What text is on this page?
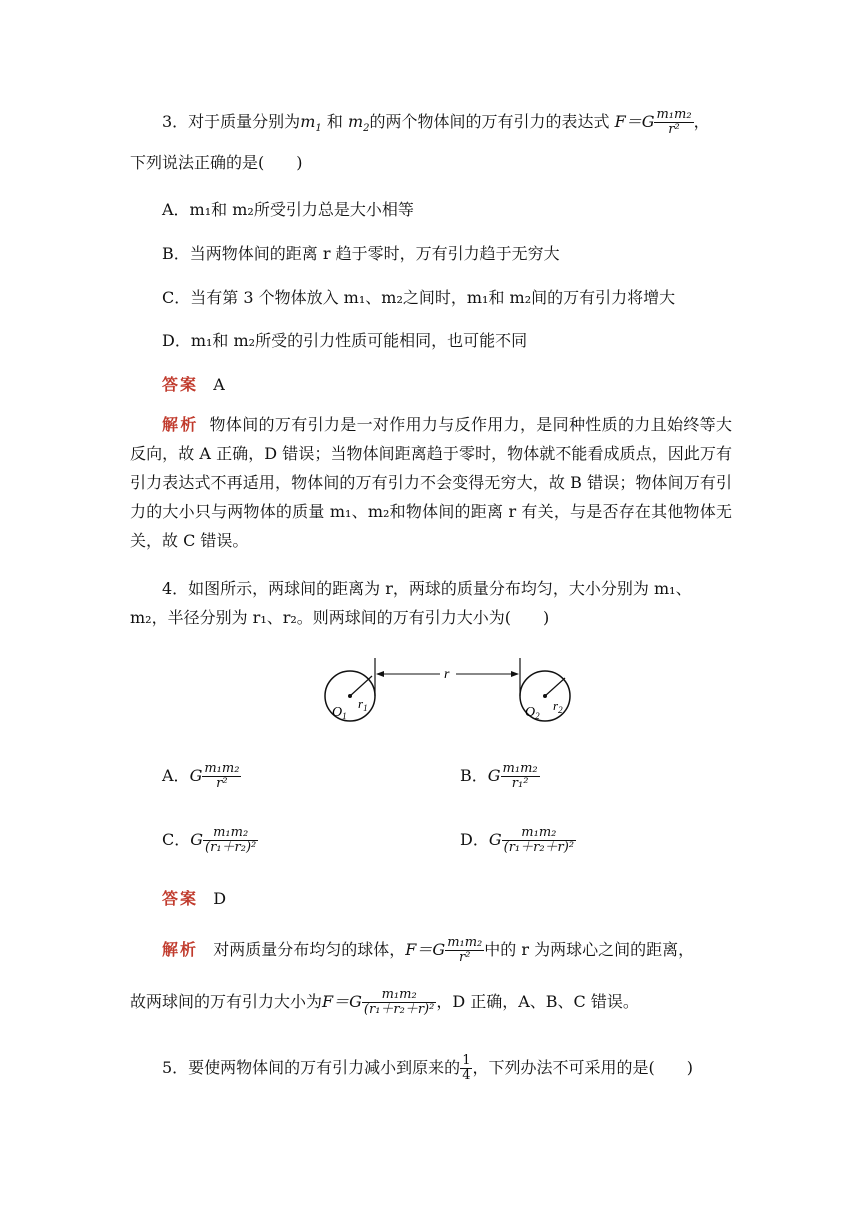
3．对于质量分别为$m_1$ 和 $m_2$的两个物体间的万有引力的表达式 $F=G \frac{\text{m₁m₂}}{\text{r²}}$ ，
下列说法正确的是(　　)
A．m₁和 m₂所受引力总是大小相等
B．当两物体间的距离 r 趋于零时，万有引力趋于无穷大
C．当有第 3 个物体放入 m₁、m₂之间时，m₁和 m₂间的万有引力将增大
D．m₁和 m₂所受的引力性质可能相同，也可能不同
答案 A
解析 物体间的万有引力是一对作用力与反作用力，是同种性质的力且始终等大反向，故 A 正确，D 错误；当物体间距离趋于零时，物体就不能看成质点，因此万有引力表达式不再适用，物体间的万有引力不会变得无穷大，故 B 错误；物体间万有引力的大小只与两物体的质量 m₁、m₂和物体间的距离 r 有关，与是否存在其他物体无关，故 C 错误。
4．如图所示，两球间的距离为 r，两球的质量分布均匀，大小分别为 m₁、
m₂，半径分别为 r₁、r₂。则两球间的万有引力大小为(　　)
$O_1$
$r_1$	$O_2$
$r_2$
r
A．G $\frac{\text{m₁m₂}}{\text{r²}}$	B．G $\frac{\text{m₁m₂}}{\text{r₁²}}$
C．G $\frac{\text{m₁m₂}}{\text{(r₁＋r₂)²}}$	D．G $\frac{\text{m₁m₂}}{\text{(r₁＋r₂＋r)²}}$
答案 D
解析 对两质量分布均匀的球体，$F=G \frac{\text{m₁m₂}}{\text{r²}}$ 中的 r 为两球心之间的距离，
故两球间的万有引力大小为$F=G \frac{\text{m₁m₂}}{\text{(r₁＋r₂＋r)²}}$ ，D 正确，A、B、C 错误。
5．要使两物体间的万有引力减小到原来的 $\frac{1}{4}$ ，下列办法不可采用的是(　　)
